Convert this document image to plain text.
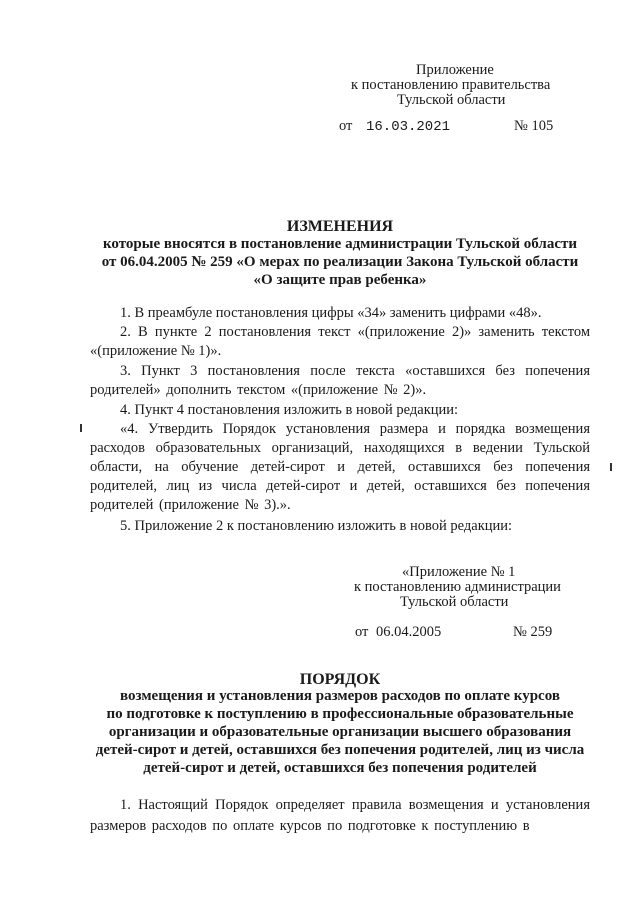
Приложение
к постановлению правительства
Тульской области
от 16.03.2021	№ 105
ИЗМЕНЕНИЯ
которые вносятся в постановление администрации Тульской области
от 06.04.2005 № 259 «О мерах по реализации Закона Тульской области
«О защите прав ребенка»
1. В преамбуле постановления цифры «34» заменить цифрами «48».
2. В пункте 2 постановления текст «(приложение 2)» заменить текстом «(приложение № 1)».
3. Пункт 3 постановления после текста «оставшихся без попечения родителей» дополнить текстом «(приложение № 2)».
4. Пункт 4 постановления изложить в новой редакции:
«4. Утвердить Порядок установления размера и порядка возмещения расходов образовательных организаций, находящихся в ведении Тульской области, на обучение детей-сирот и детей, оставшихся без попечения родителей, лиц из числа детей-сирот и детей, оставшихся без попечения родителей (приложение № 3).».
5. Приложение 2 к постановлению изложить в новой редакции:
«Приложение № 1
к постановлению администрации
Тульской области
от 06.04.2005	№ 259
ПОРЯДОК
возмещения и установления размеров расходов по оплате курсов
по подготовке к поступлению в профессиональные образовательные
организации и образовательные организации высшего образования
детей-сирот и детей, оставшихся без попечения родителей, лиц из числа
детей-сирот и детей, оставшихся без попечения родителей
1. Настоящий Порядок определяет правила возмещения и установления размеров расходов по оплате курсов по подготовке к поступлению в
